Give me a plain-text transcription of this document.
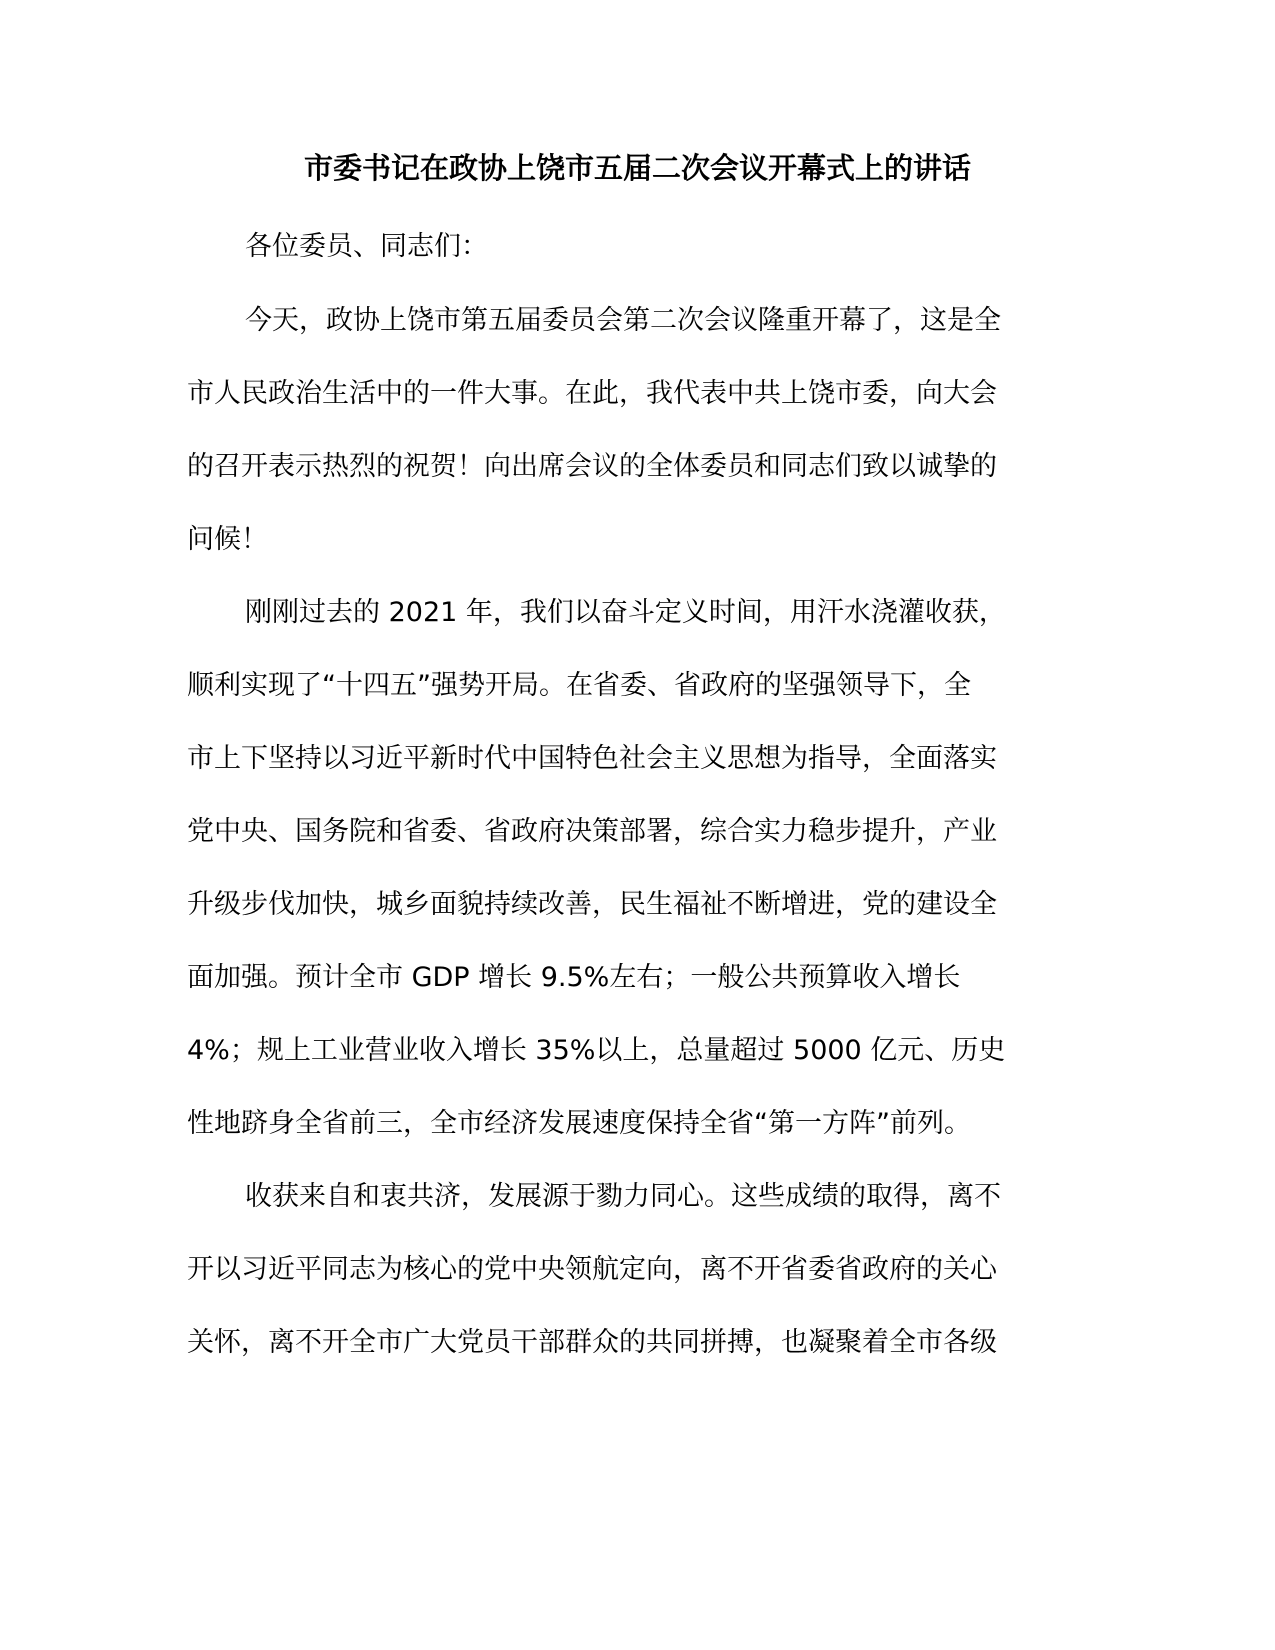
市委书记在政协上饶市五届二次会议开幕式上的讲话
各位委员、同志们：
今天，政协上饶市第五届委员会第二次会议隆重开幕了，这是全
市人民政治生活中的一件大事。在此，我代表中共上饶市委，向大会
的召开表示热烈的祝贺！向出席会议的全体委员和同志们致以诚挚的
问候！
刚刚过去的 2021 年，我们以奋斗定义时间，用汗水浇灌收获，
顺利实现了“十四五”强势开局。在省委、省政府的坚强领导下，全
市上下坚持以习近平新时代中国特色社会主义思想为指导，全面落实
党中央、国务院和省委、省政府决策部署，综合实力稳步提升，产业
升级步伐加快，城乡面貌持续改善，民生福祉不断增进，党的建设全
面加强。预计全市 GDP 增长 9.5%左右；一般公共预算收入增长
4%；规上工业营业收入增长 35%以上，总量超过 5000 亿元、历史
性地跻身全省前三，全市经济发展速度保持全省“第一方阵”前列。
收获来自和衷共济，发展源于勠力同心。这些成绩的取得，离不
开以习近平同志为核心的党中央领航定向，离不开省委省政府的关心
关怀，离不开全市广大党员干部群众的共同拼搏，也凝聚着全市各级
